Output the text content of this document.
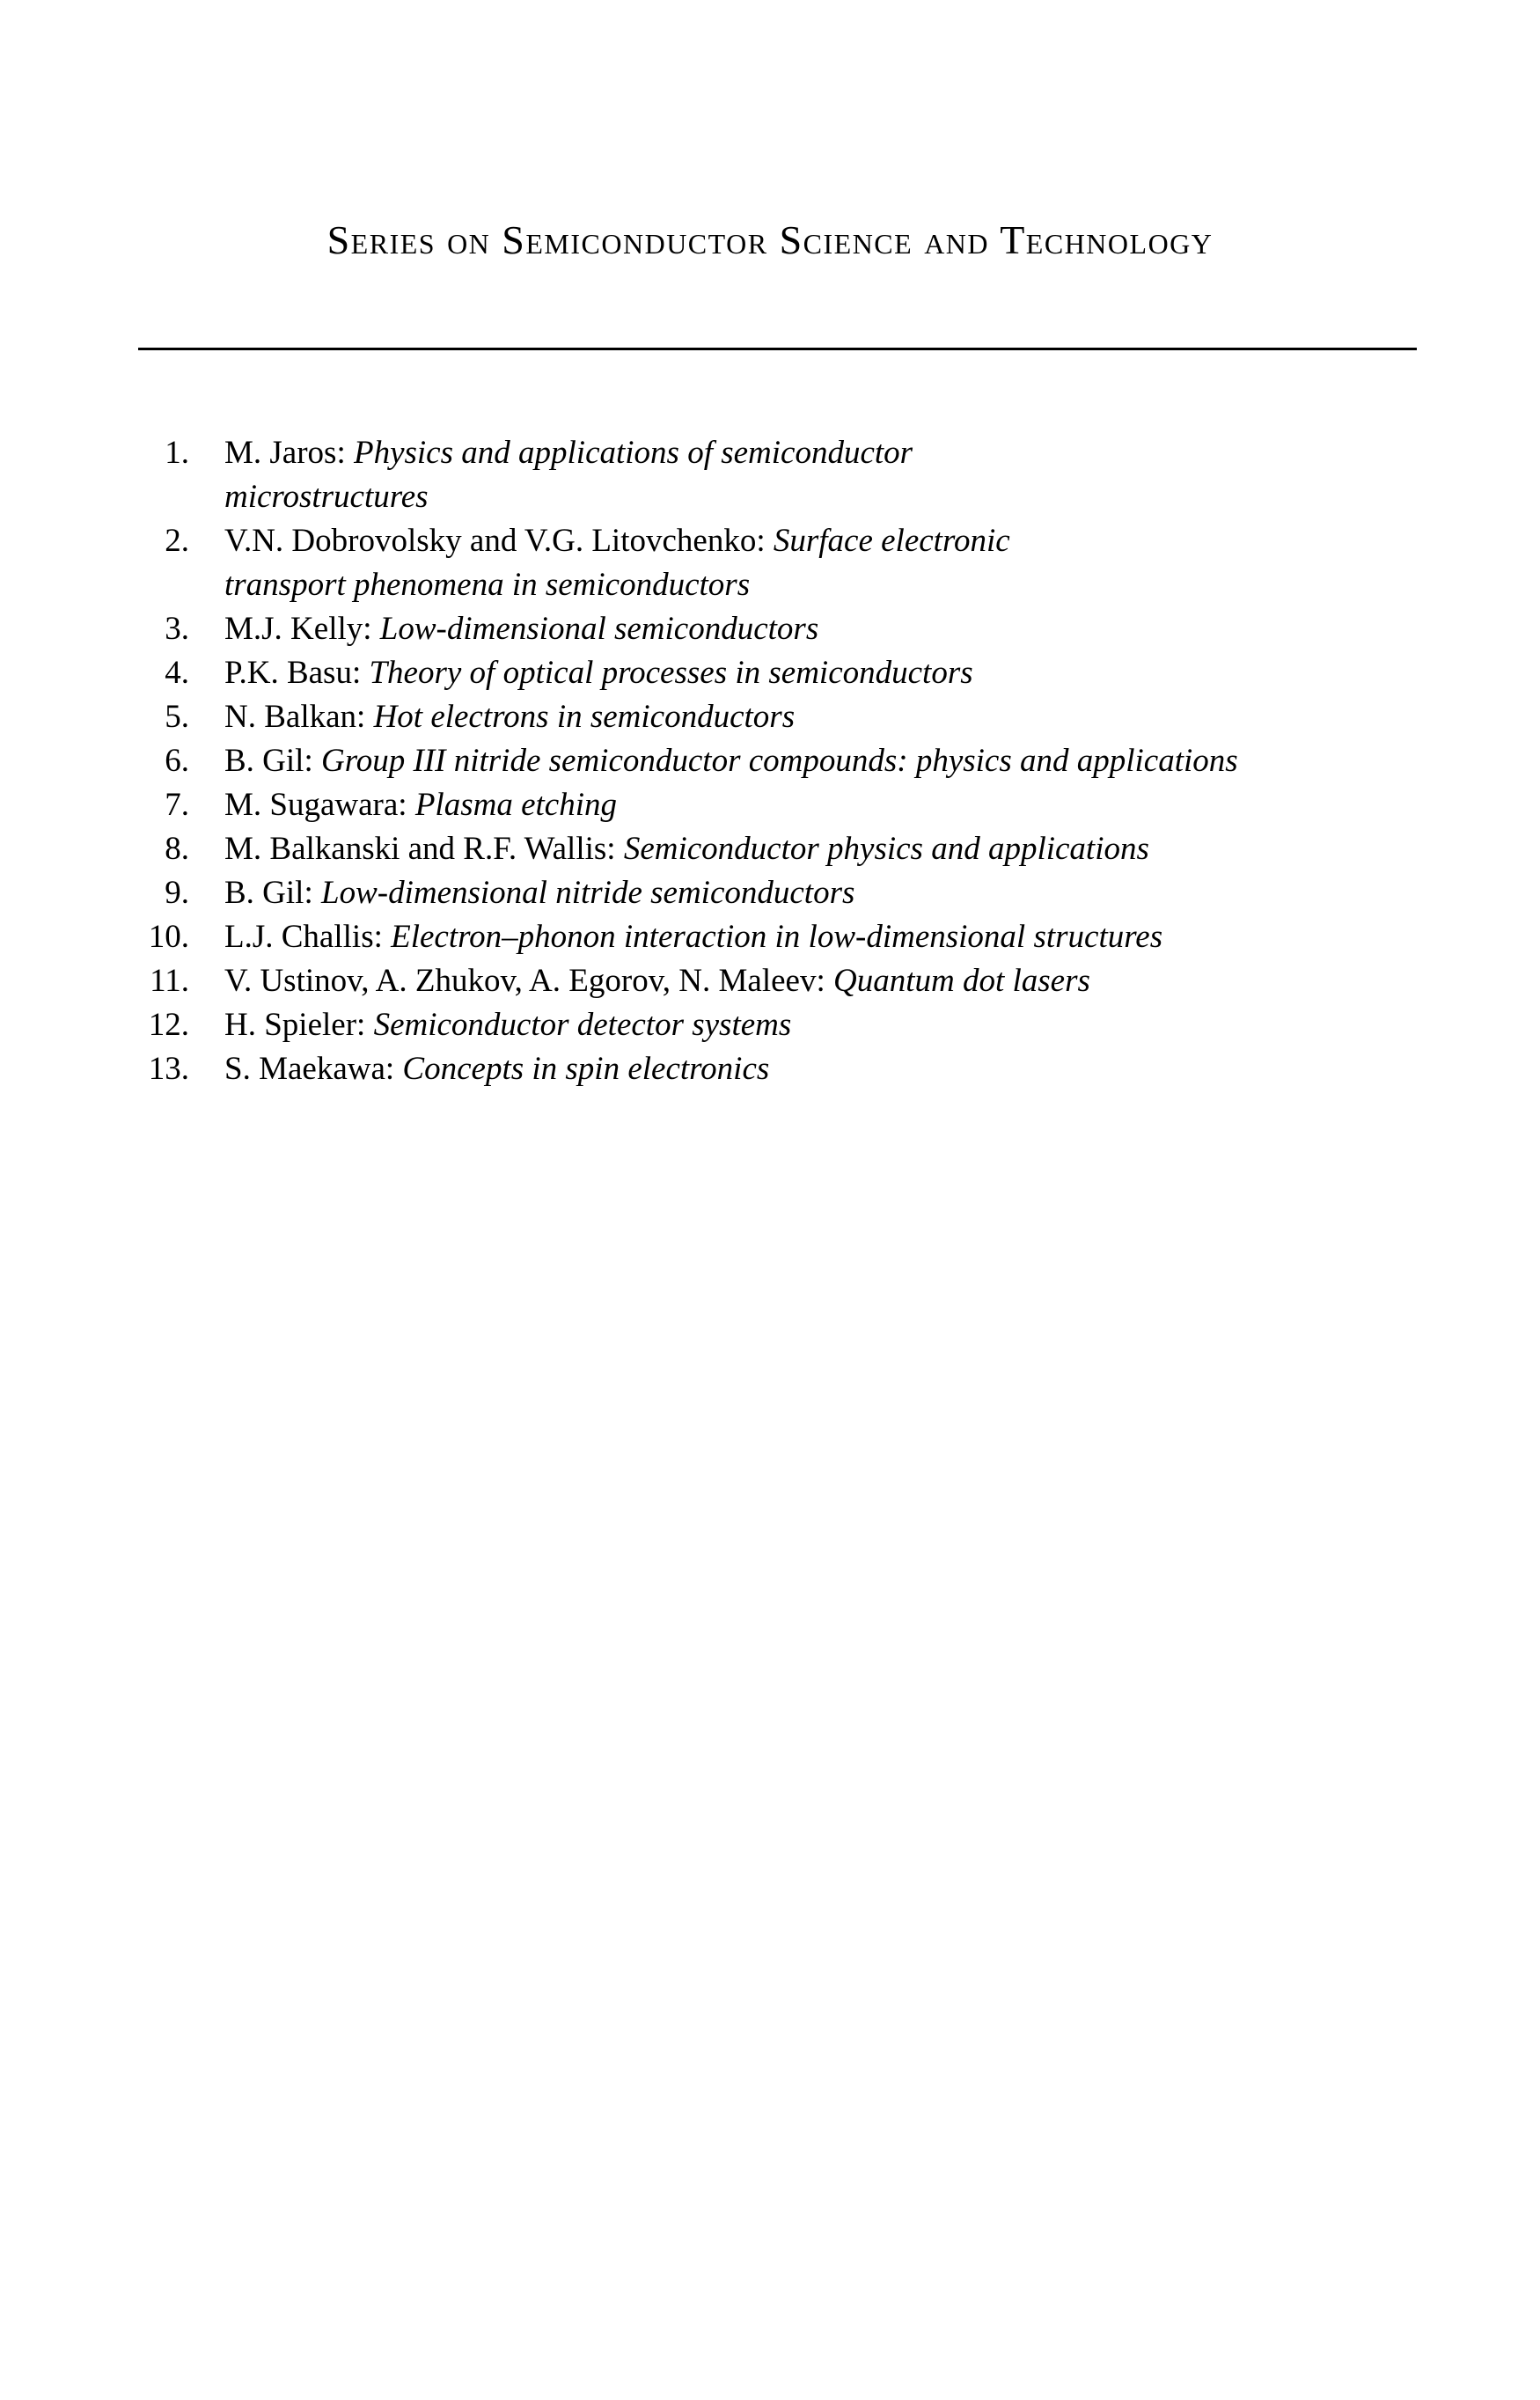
Series on Semiconductor Science and Technology
1. M. Jaros: Physics and applications of semiconductor
microstructures
2. V.N. Dobrovolsky and V.G. Litovchenko: Surface electronic
transport phenomena in semiconductors
3. M.J. Kelly: Low-dimensional semiconductors
4. P.K. Basu: Theory of optical processes in semiconductors
5. N. Balkan: Hot electrons in semiconductors
6. B. Gil: Group III nitride semiconductor compounds: physics and applications
7. M. Sugawara: Plasma etching
8. M. Balkanski and R.F. Wallis: Semiconductor physics and applications
9. B. Gil: Low-dimensional nitride semiconductors
10. L.J. Challis: Electron–phonon interaction in low-dimensional structures
11. V. Ustinov, A. Zhukov, A. Egorov, N. Maleev: Quantum dot lasers
12. H. Spieler: Semiconductor detector systems
13. S. Maekawa: Concepts in spin electronics
